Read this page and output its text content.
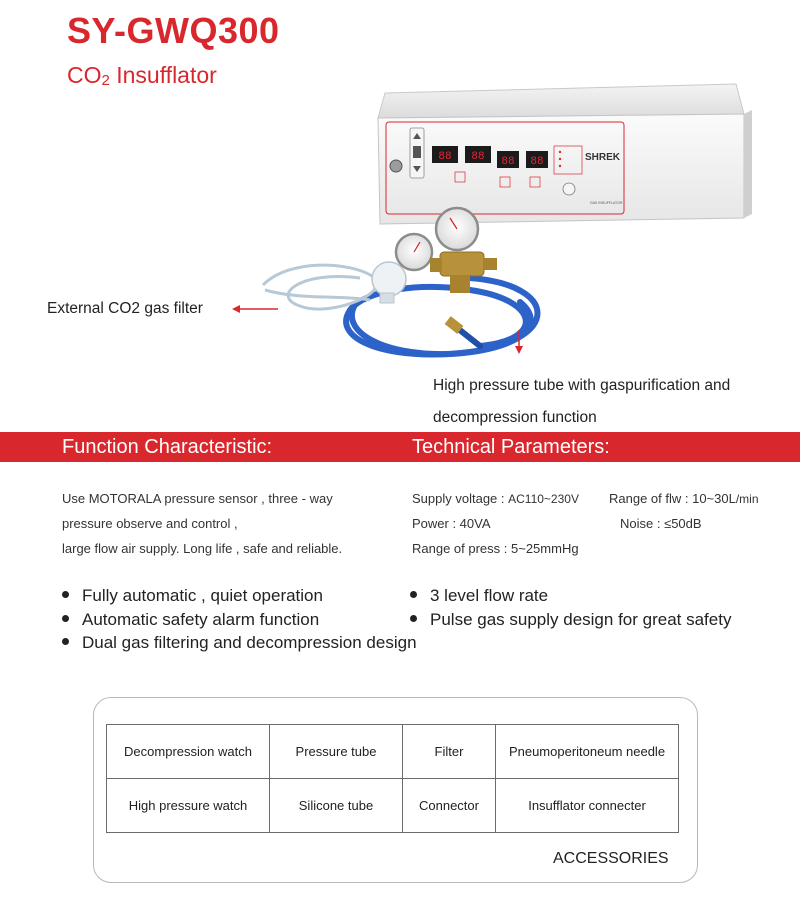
SY-GWQ300
CO2 Insufflator
88 88 88 88	SHREK
GAS INSUFFLATOR
External CO2 gas filter
High pressure tube with gaspurification and
decompression function
Function Characteristic:	Technical Parameters:
Use MOTORALA pressure sensor , three - way
pressure observe and control ,
large flow air supply. Long life , safe and reliable.
Supply voltage : AC110~230V Range of flw : 10~30L/min
Power : 40VA	Noise : ≤50dB
Range of press : 5~25mmHg
Fully automatic , quiet operation	3 level flow rate
Automatic safety alarm function	Pulse gas supply design for great safety
Dual gas filtering and decompression design
Decompression watch	Pressure tube	Filter	Pneumoperitoneum needle
High pressure watch	Silicone tube	Connector	Insufflator connecter
ACCESSORIES
